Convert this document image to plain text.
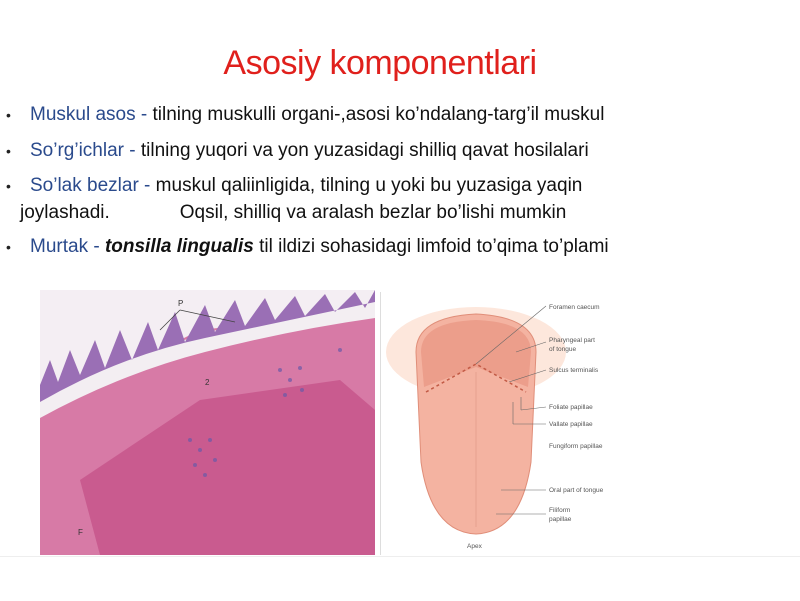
Asosiy komponentlari
• Muskul asos - tilning muskulli organi-,asosi ko’ndalang-targ’il muskul
• So’rg’ichlar - tilning yuqori va yon yuzasidagi shilliq qavat hosilalari
• So’lak bezlar - muskul qaliinligida, tilning u yoki bu yuzasiga yaqin
joylashadi.	Oqsil, shilliq va aralash bezlar bo’lishi mumkin
• Murtak - tonsilla lingualis til ildizi sohasidagi limfoid to’qima to’plami
P
2
F
Foramen caecum
Pharyngeal part
of tongue
Sulcus terminalis
Foliate papillae
Vallate papillae
Fungiform papillae
Oral part of tongue
Filiform
papillae
Apex
